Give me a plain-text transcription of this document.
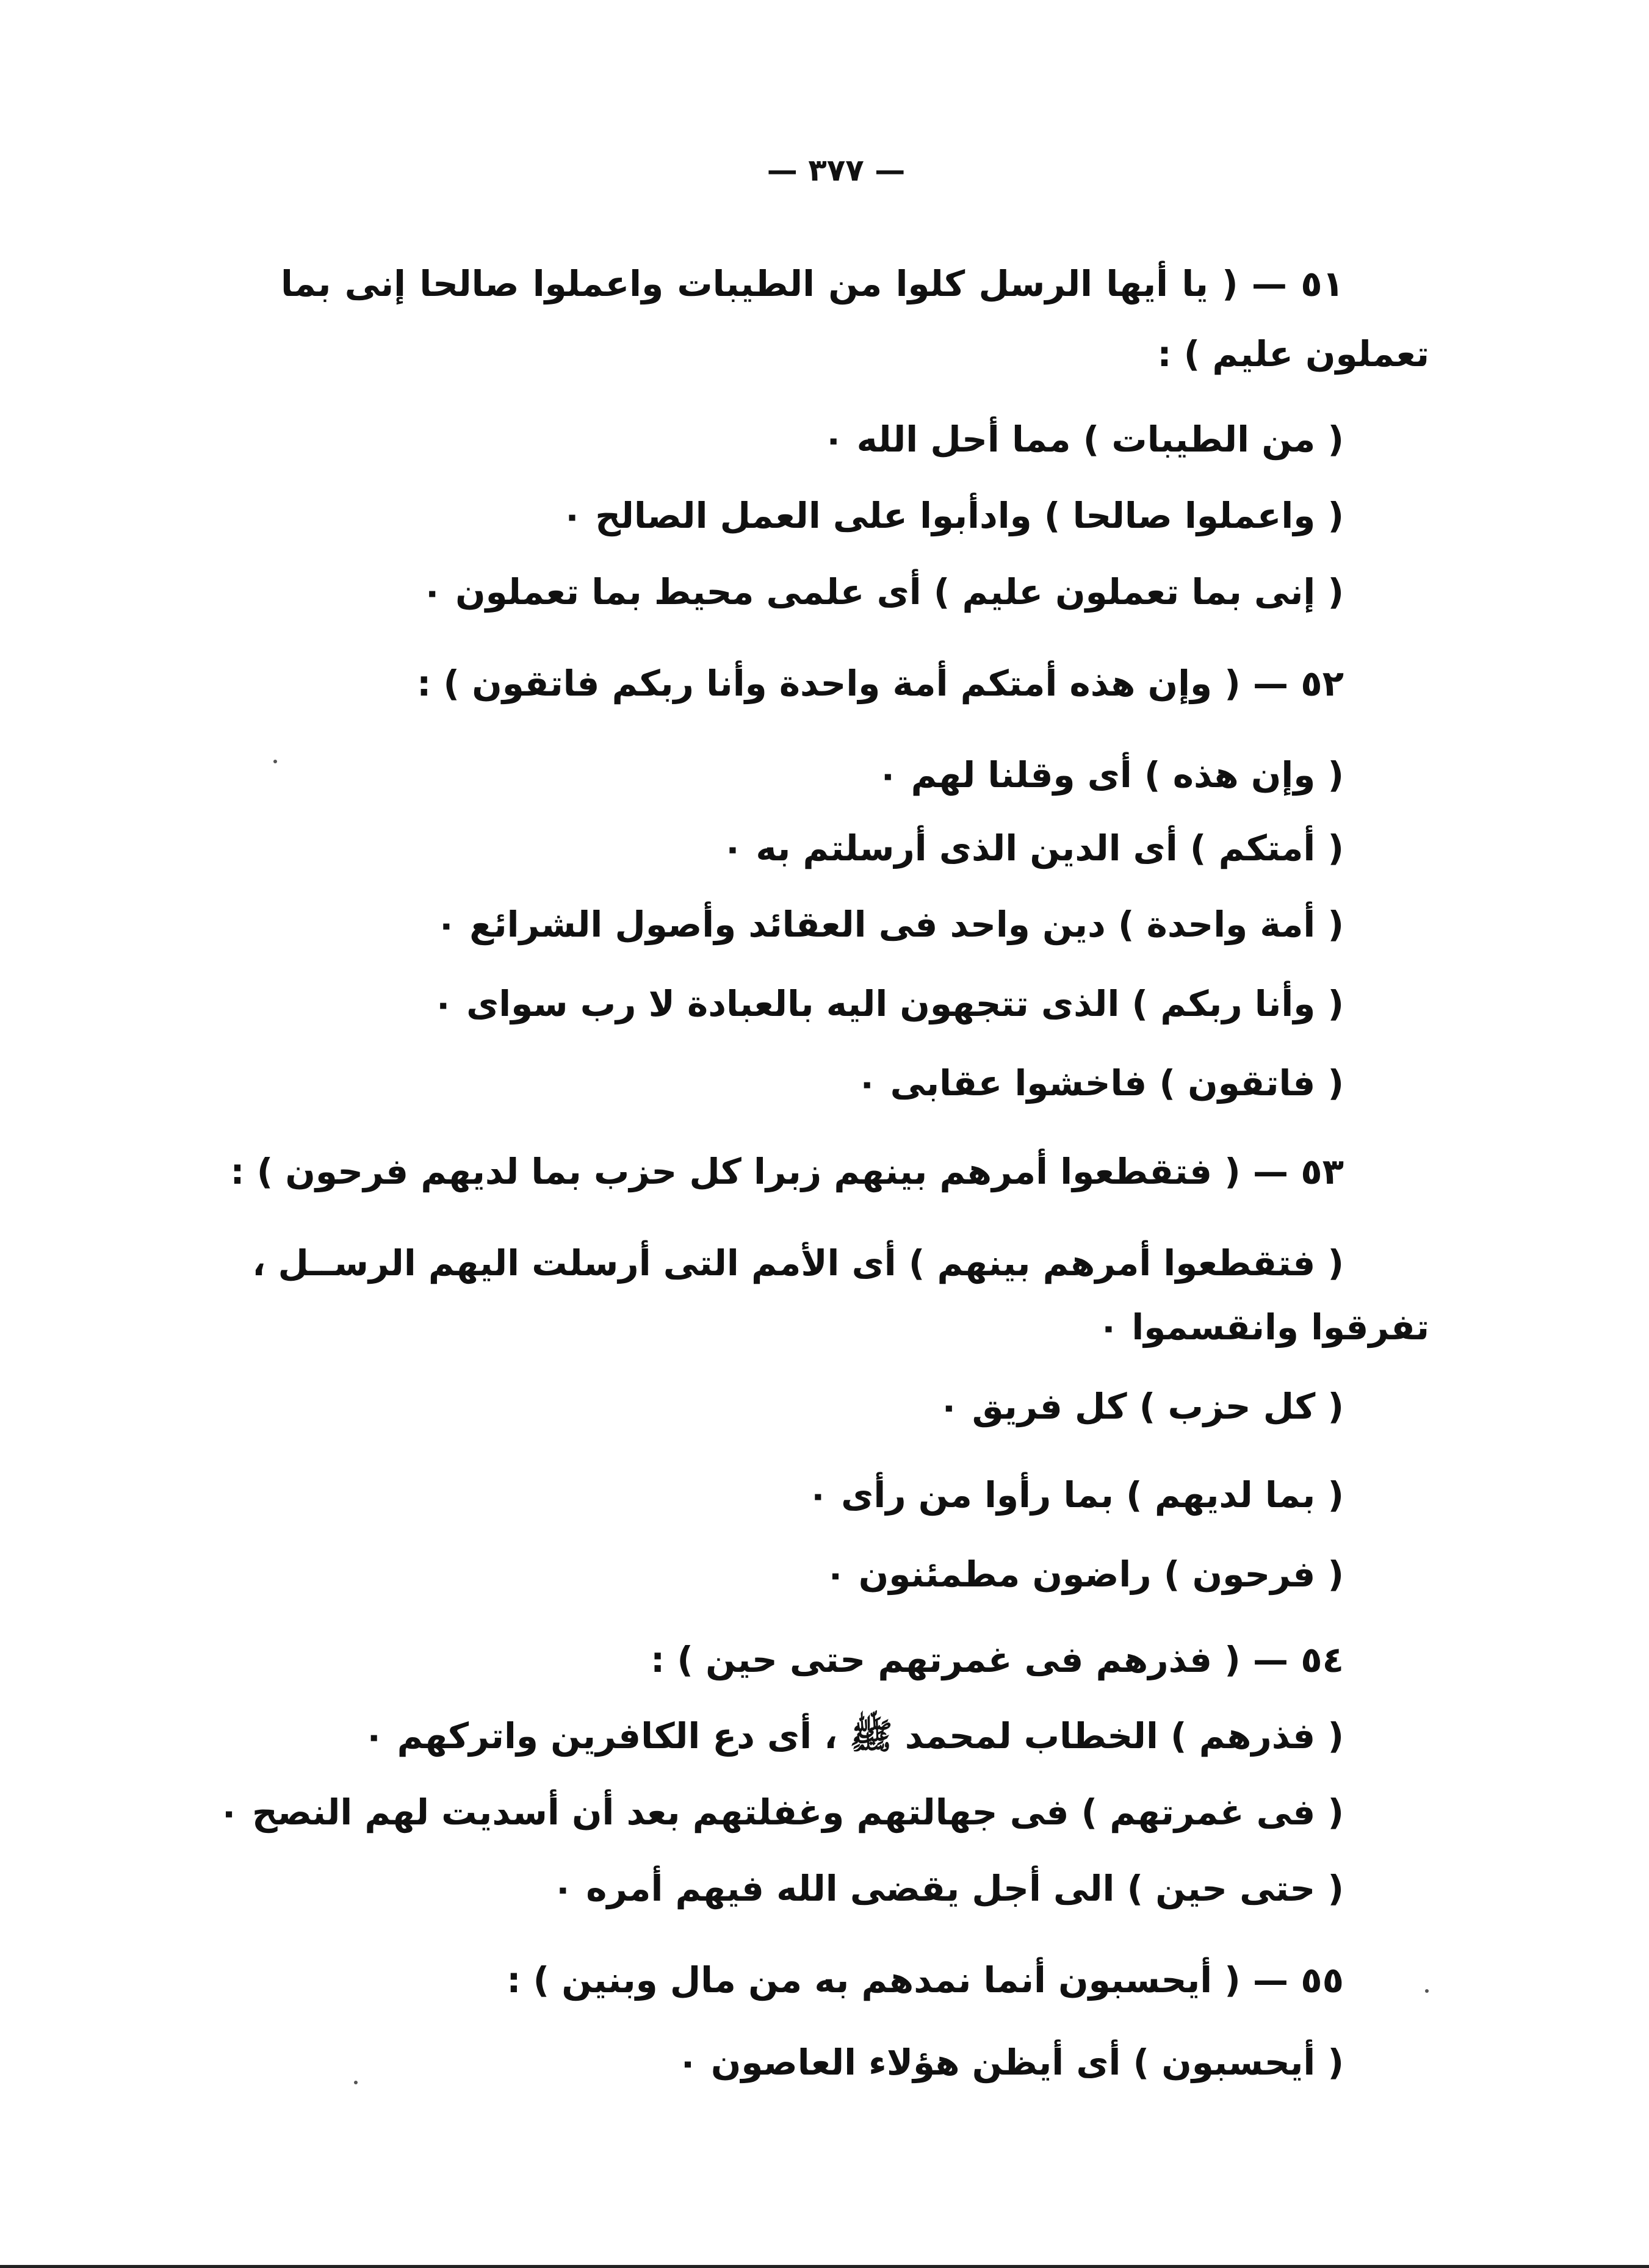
— ٣٧٧ —
٥١ — ( يا أيها الرسل كلوا من الطيبات واعملوا صالحا إنى بما
تعملون عليم ) :
( من الطيبات ) مما أحل الله ٠
( واعملوا صالحا ) وادأبوا على العمل الصالح ٠
( إنى بما تعملون عليم ) أى علمى محيط بما تعملون ٠
٥٢ — ( وإن هذه أمتكم أمة واحدة وأنا ربكم فاتقون ) :
( وإن هذه ) أى وقلنا لهم ٠
( أمتكم ) أى الدين الذى أرسلتم به ٠
( أمة واحدة ) دين واحد فى العقائد وأصول الشرائع ٠
( وأنا ربكم ) الذى تتجهون اليه بالعبادة لا رب سواى ٠
( فاتقون ) فاخشوا عقابى ٠
٥٣ — ( فتقطعوا أمرهم بينهم زبرا كل حزب بما لديهم فرحون ) :
( فتقطعوا أمرهم بينهم ) أى الأمم التى أرسلت اليهم الرســل ،
تفرقوا وانقسموا ٠
( كل حزب ) كل فريق ٠
( بما لديهم ) بما رأوا من رأى ٠
( فرحون ) راضون مطمئنون ٠
٥٤ — ( فذرهم فى غمرتهم حتى حين ) :
( فذرهم ) الخطاب لمحمد ﷺ ، أى دع الكافرين واتركهم ٠
( فى غمرتهم ) فى جهالتهم وغفلتهم بعد أن أسديت لهم النصح ٠
( حتى حين ) الى أجل يقضى الله فيهم أمره ٠
٥٥ — ( أيحسبون أنما نمدهم به من مال وبنين ) :
( أيحسبون ) أى أيظن هؤلاء العاصون ٠
